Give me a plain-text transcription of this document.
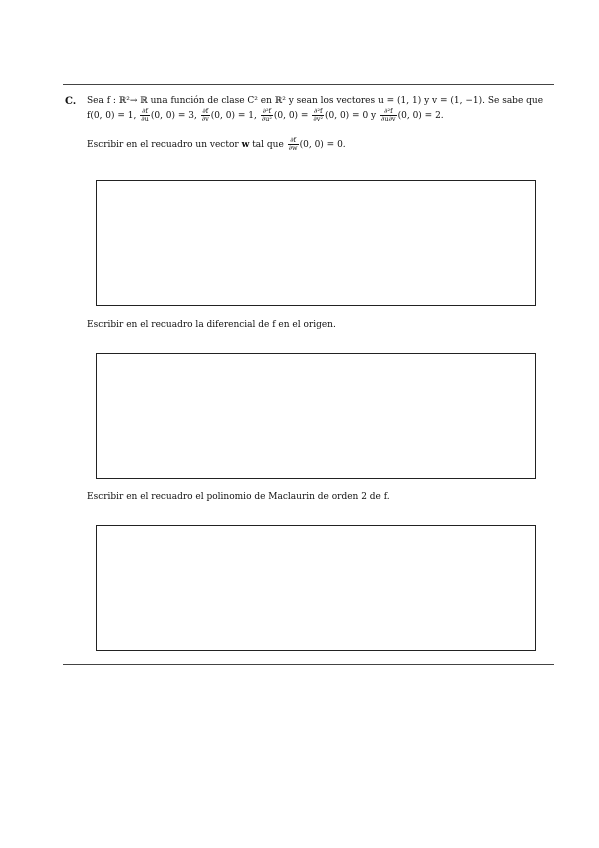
C. Sea f : ℝ²→ ℝ una función de clase C² en ℝ² y sean los vectores u = (1, 1) y v = (1, −1). Se sabe que
f(0, 0) = 1, $\frac{\partial f}{\partial u} (0$, 0) = 3, $\frac{\partial f}{\partial v} (0$, 0) = 1, $\frac{\text{∂²f}}{\text{∂u²}} (0$, $0) = \frac{\text{∂²f}}{\text{∂v²}} (0$, 0) = 0 y $\frac{\text{∂²f}}{\partial u\partial v} (0$, 0) = 2.
Escribir en el recuadro un vector w tal que $\frac{\partial f}{\partial w} (0$, 0) = 0.
Escribir en el recuadro la diferencial de f en el origen.
Escribir en el recuadro el polinomio de Maclaurin de orden 2 de f.
